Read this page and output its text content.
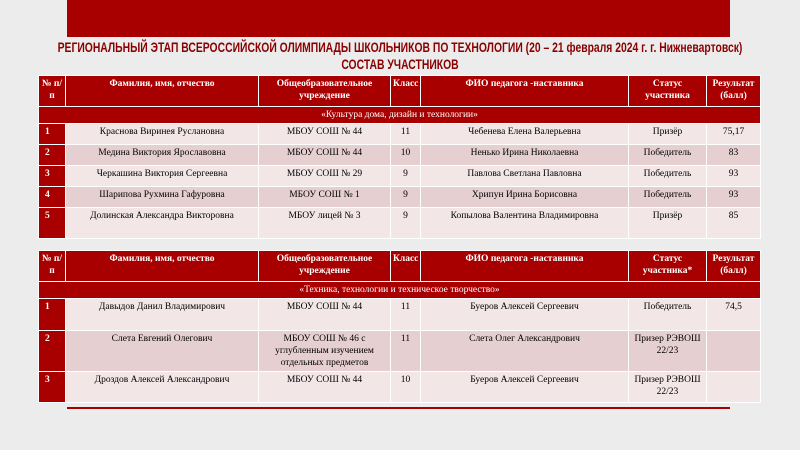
РЕГИОНАЛЬНЫЙ ЭТАП ВСЕРОССИЙСКОЙ ОЛИМПИАДЫ ШКОЛЬНИКОВ ПО ТЕХНОЛОГИИ (20 – 21 февраля 2024 г. г. Нижневартовск)
СОСТАВ УЧАСТНИКОВ
№ п/п	Фамилия, имя, отчество	Общеобразовательное учреждение	Класс	ФИО педагога -наставника	Статус участника	Результат (балл)
«Культура дома, дизайн и технологии»						
1	Краснова Виринея Руслановна	МБОУ СОШ № 44	11	Чебенева Елена Валерьевна	Призёр	75,17
2	Медина Виктория Ярославовна	МБОУ СОШ № 44	10	Ненько Ирина Николаевна	Победитель	83
3	Черкашина Виктория Сергеевна	МБОУ СОШ № 29	9	Павлова Светлана Павловна	Победитель	93
4	Шарипова Рухмина Гафуровна	МБОУ СОШ № 1	9	Хрипун Ирина Борисовна	Победитель	93
5	Долинская Александра Викторовна	МБОУ лицей № 3	9	Копылова Валентина Владимировна	Призёр	85
№ п/п	Фамилия, имя, отчество	Общеобразовательное учреждение	Класс	ФИО педагога -наставника	Статус участника*	Результат (балл)
«Техника, технологии и техническое творчество»						
1	Давыдов Данил Владимирович	МБОУ СОШ № 44	11	Буеров Алексей Сергеевич	Победитель	74,5
2	Слета Евгений Олегович	МБОУ СОШ № 46 с углубленным изучением отдельных предметов	11	Слета Олег Александрович	Призер РЭВОШ 22/23	
3	Дроздов Алексей Александрович	МБОУ СОШ № 44	10	Буеров Алексей Сергеевич	Призер РЭВОШ 22/23	
